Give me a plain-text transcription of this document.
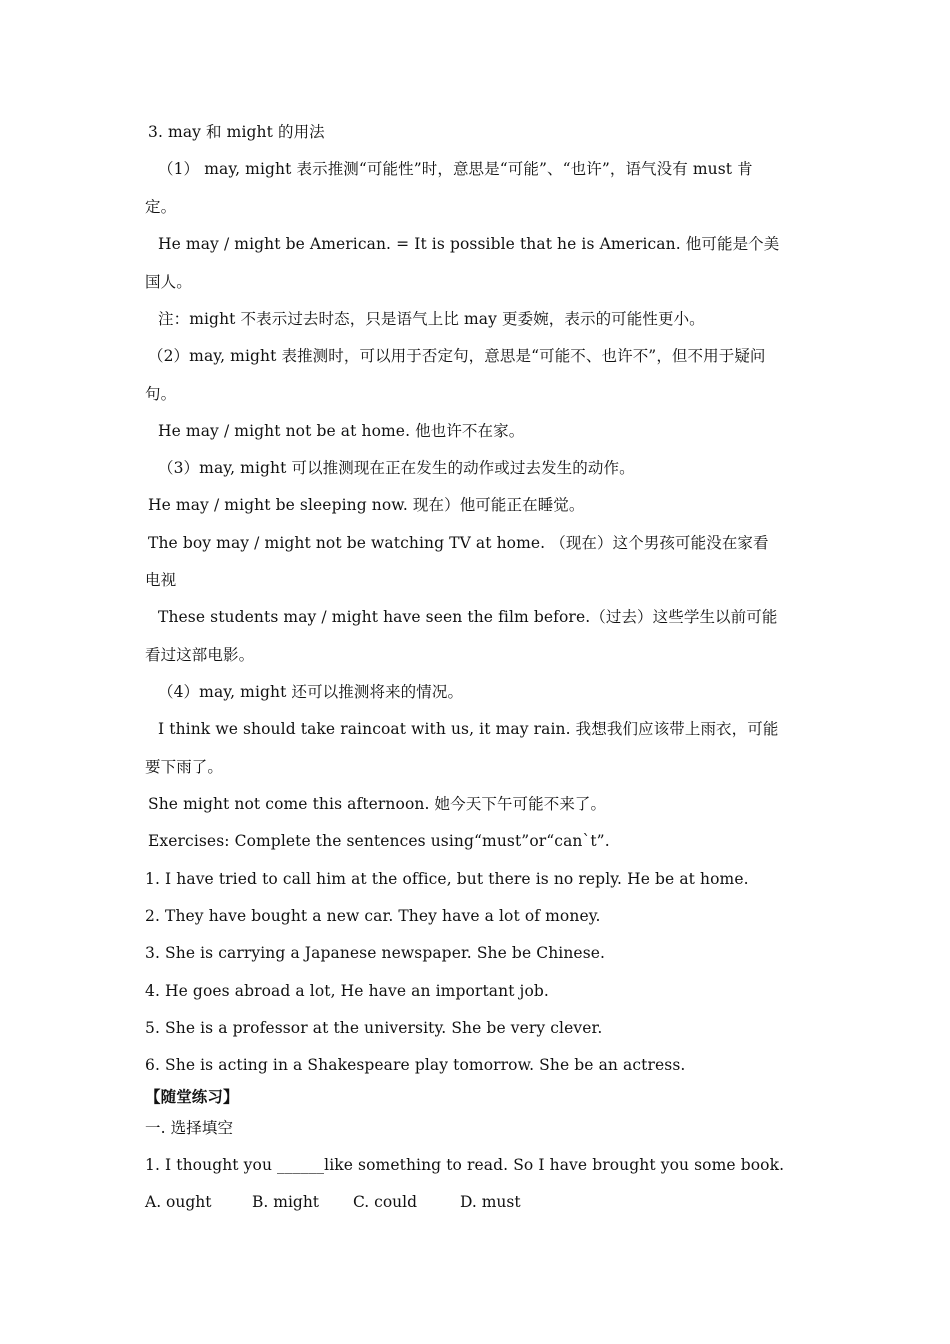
3. may 和 might 的用法
（1） may, might 表示推测“可能性”时，意思是“可能”、“也许”，语气没有 must 肯
定。
He may / might be American. = It is possible that he is American. 他可能是个美
国人。
注：might 不表示过去时态，只是语气上比 may 更委婉，表示的可能性更小。
（2）may, might 表推测时，可以用于否定句，意思是“可能不、也许不”，但不用于疑问
句。
He may / might not be at home. 他也许不在家。
（3）may, might 可以推测现在正在发生的动作或过去发生的动作。
He may / might be sleeping now. 现在）他可能正在睡觉。
The boy may / might not be watching TV at home. （现在）这个男孩可能没在家看
电视
These students may / might have seen the film before.（过去）这些学生以前可能
看过这部电影。
（4）may, might 还可以推测将来的情况。
I think we should take raincoat with us, it may rain. 我想我们应该带上雨衣，可能
要下雨了。
She might not come this afternoon. 她今天下午可能不来了。
Exercises: Complete the sentences using“must”or“can`t”.
1. I have tried to call him at the office, but there is no reply. He be at home.
2. They have bought a new car. They have a lot of money.
3. She is carrying a Japanese newspaper. She be Chinese.
4. He goes abroad a lot, He have an important job.
5. She is a professor at the university. She be very clever.
6. She is acting in a Shakespeare play tomorrow. She be an actress.
【随堂练习】
一. 选择填空
1. I thought you ______like something to read. So I have brought you some book.
A. ought	B. might C. could	D. must
